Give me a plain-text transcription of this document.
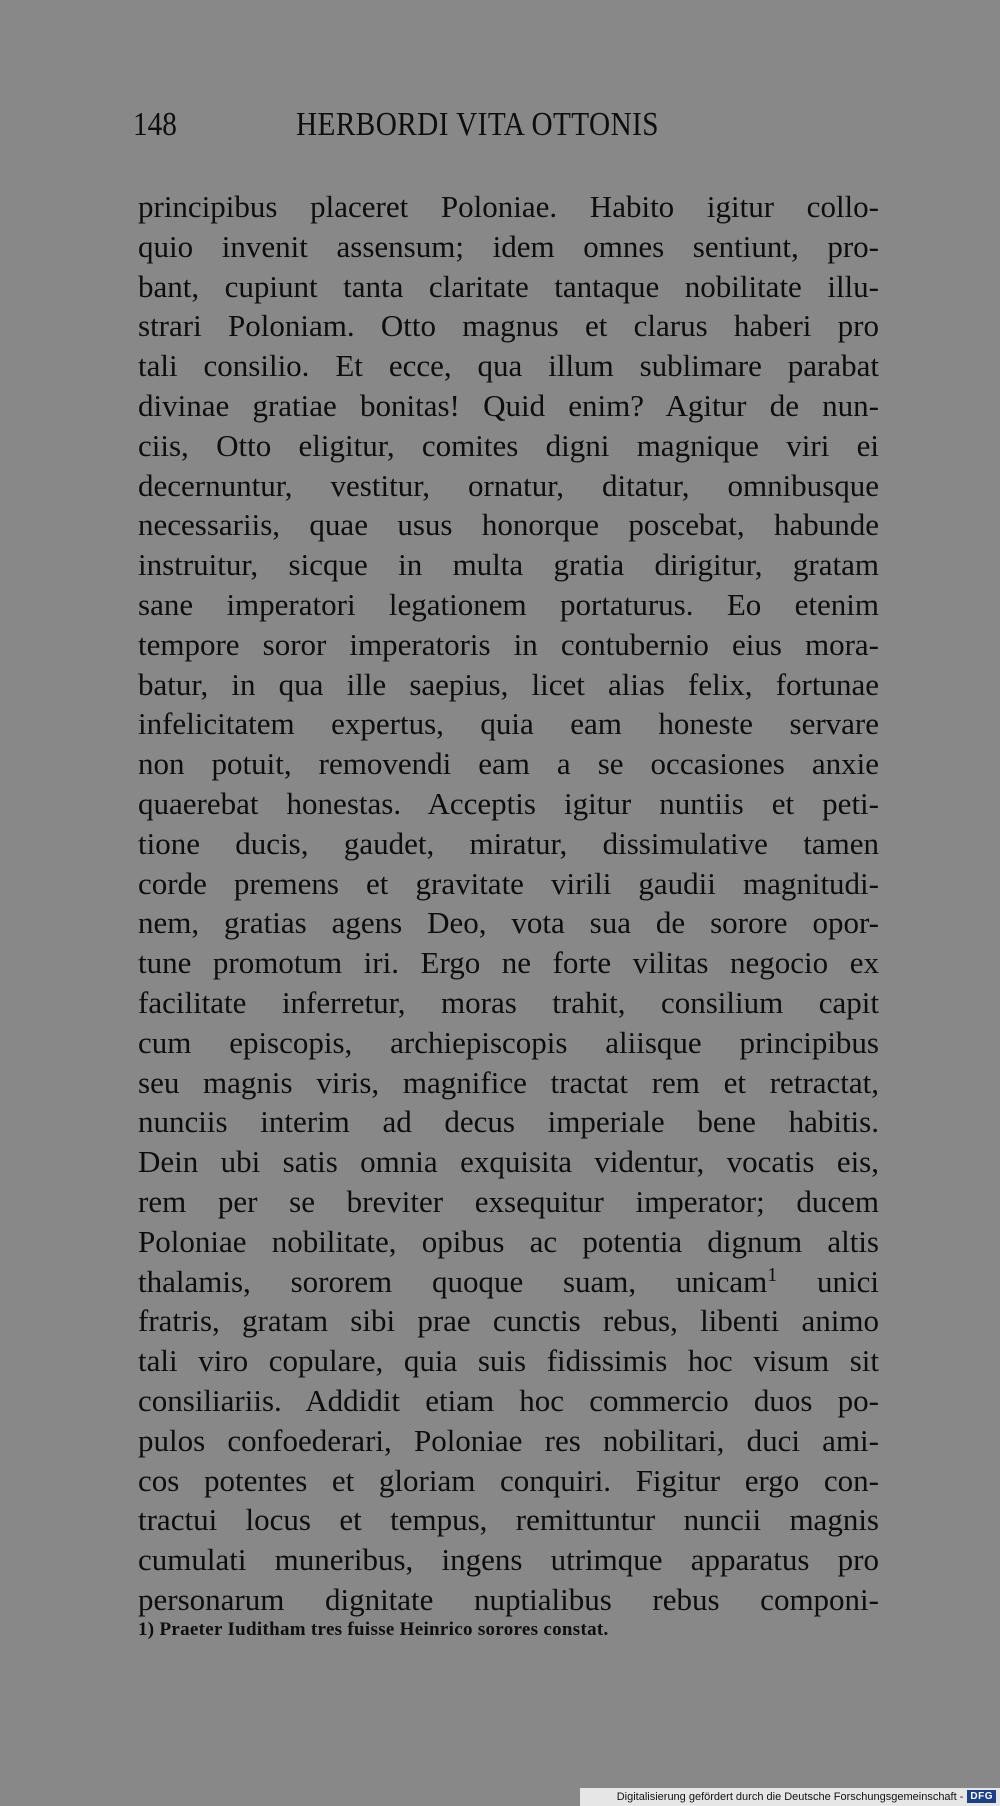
148	HERBORDI VITA OTTONIS
principibus placeret Poloniae. Habito igitur collo-
quio invenit assensum; idem omnes sentiunt, pro-
bant, cupiunt tanta claritate tantaque nobilitate illu-
strari Poloniam. Otto magnus et clarus haberi pro
tali consilio. Et ecce, qua illum sublimare parabat
divinae gratiae bonitas! Quid enim? Agitur de nun-
ciis, Otto eligitur, comites digni magnique viri ei
decernuntur, vestitur, ornatur, ditatur, omnibusque
necessariis, quae usus honorque poscebat, habunde
instruitur, sicque in multa gratia dirigitur, gratam
sane imperatori legationem portaturus. Eo etenim
tempore soror imperatoris in contubernio eius mora-
batur, in qua ille saepius, licet alias felix, fortunae
infelicitatem expertus, quia eam honeste servare
non potuit, removendi eam a se occasiones anxie
quaerebat honestas. Acceptis igitur nuntiis et peti-
tione ducis, gaudet, miratur, dissimulative tamen
corde premens et gravitate virili gaudii magnitudi-
nem, gratias agens Deo, vota sua de sorore opor-
tune promotum iri. Ergo ne forte vilitas negocio ex
facilitate inferretur, moras trahit, consilium capit
cum episcopis, archiepiscopis aliisque principibus
seu magnis viris, magnifice tractat rem et retractat,
nunciis interim ad decus imperiale bene habitis.
Dein ubi satis omnia exquisita videntur, vocatis eis,
rem per se breviter exsequitur imperator; ducem
Poloniae nobilitate, opibus ac potentia dignum altis
thalamis, sororem quoque suam, unicam$^1$ unici
fratris, gratam sibi prae cunctis rebus, libenti animo
tali viro copulare, quia suis fidissimis hoc visum sit
consiliariis. Addidit etiam hoc commercio duos po-
pulos confoederari, Poloniae res nobilitari, duci ami-
cos potentes et gloriam conquiri. Figitur ergo con-
tractui locus et tempus, remittuntur nuncii magnis
cumulati muneribus, ingens utrimque apparatus pro
personarum dignitate nuptialibus rebus componi-
1) Praeter Iuditham tres fuisse Heinrico sorores constat.
Digitalisierung gefördert durch die Deutsche Forschungsgemeinschaft - DFG
